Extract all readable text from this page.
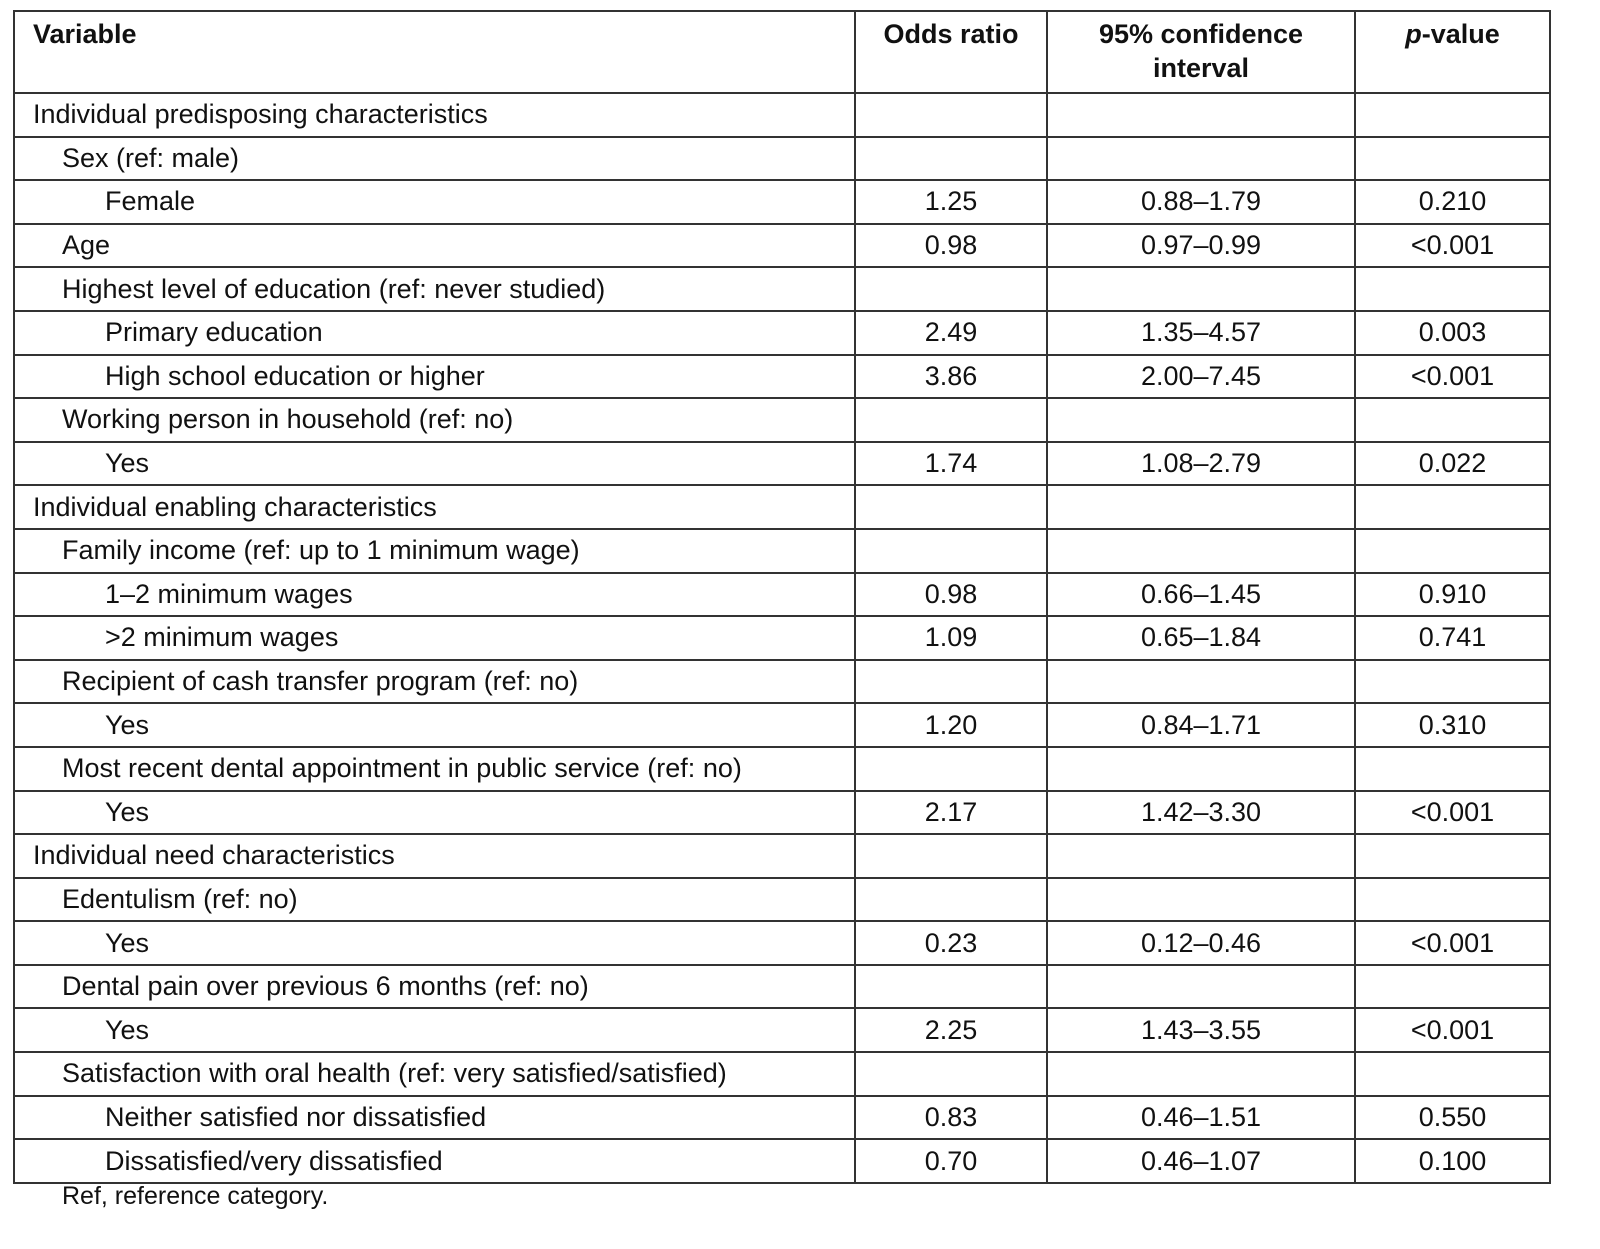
Variable	Odds ratio	95% confidence interval	p-value
Individual predisposing characteristics			
Sex (ref: male)			
Female	1.25	0.88–1.79	0.210
Age	0.98	0.97–0.99	<0.001
Highest level of education (ref: never studied)			
Primary education	2.49	1.35–4.57	0.003
High school education or higher	3.86	2.00–7.45	<0.001
Working person in household (ref: no)			
Yes	1.74	1.08–2.79	0.022
Individual enabling characteristics			
Family income (ref: up to 1 minimum wage)			
1–2 minimum wages	0.98	0.66–1.45	0.910
>2 minimum wages	1.09	0.65–1.84	0.741
Recipient of cash transfer program (ref: no)			
Yes	1.20	0.84–1.71	0.310
Most recent dental appointment in public service (ref: no)			
Yes	2.17	1.42–3.30	<0.001
Individual need characteristics			
Edentulism (ref: no)			
Yes	0.23	0.12–0.46	<0.001
Dental pain over previous 6 months (ref: no)			
Yes	2.25	1.43–3.55	<0.001
Satisfaction with oral health (ref: very satisfied/satisfied)			
Neither satisfied nor dissatisfied	0.83	0.46–1.51	0.550
Dissatisfied/very dissatisfied	0.70	0.46–1.07	0.100
Ref, reference category.
